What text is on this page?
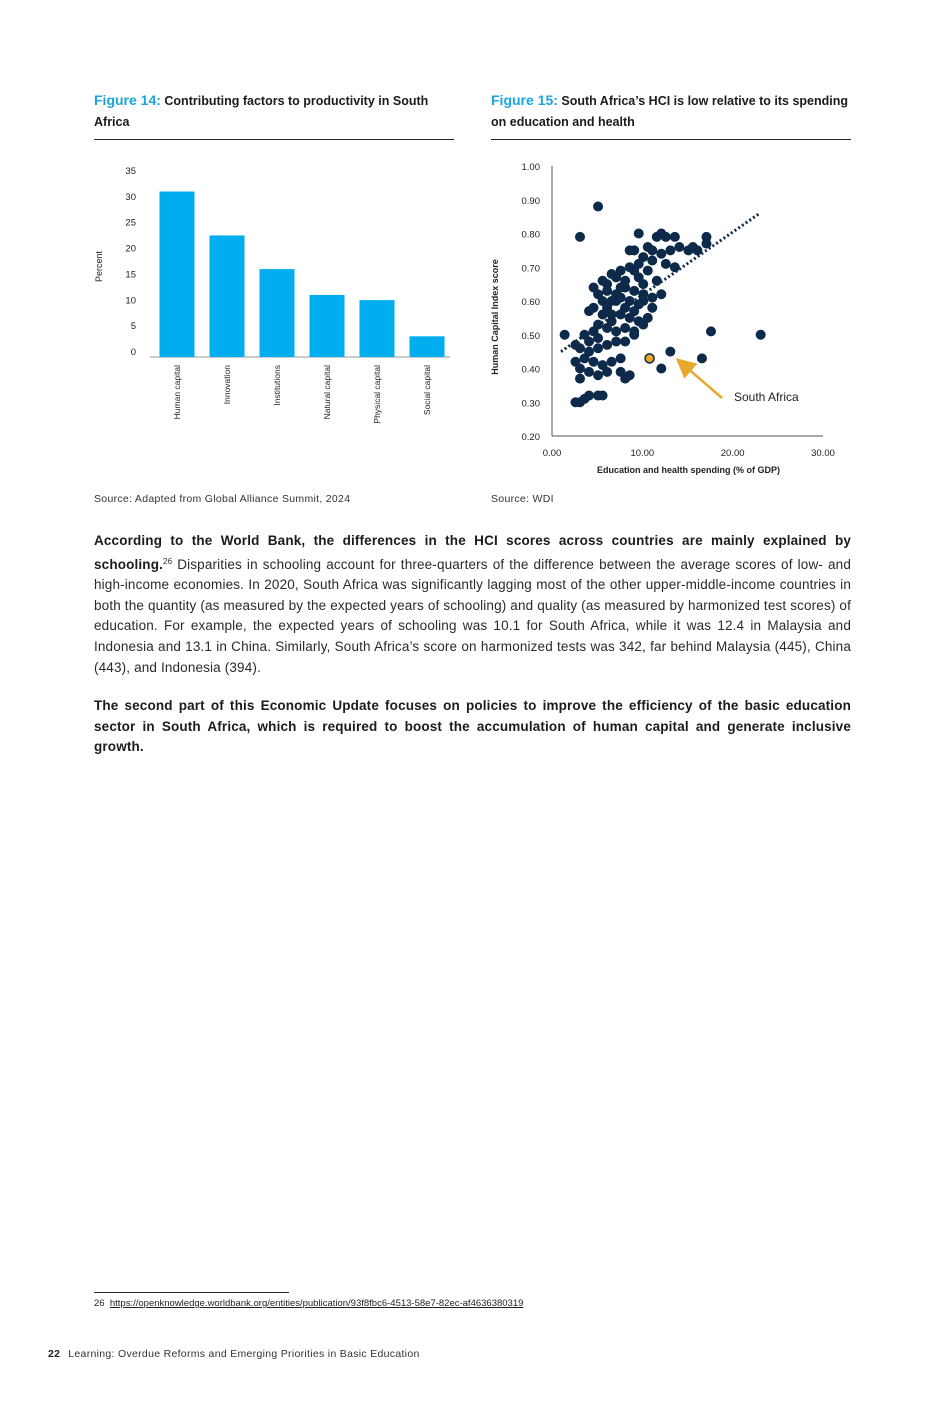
Figure 14: Contributing factors to productivity in South Africa
Figure 15: South Africa’s HCI is low relative to its spending on education and health
Percent
35
30
25
20
15
10
5
0
Human capital	Innovation	Institutions	Natural capital	Physical capital	Social capital
1.00
0.90
0.80
0.70
0.60
0.50
0.40
0.30
0.20
0.00	10.00	20.00	30.00
Education and health spending (% of GDP)
Human Capital Index score
South Africa
Source: Adapted from Global Alliance Summit, 2024	Source: WDI
According to the World Bank, the differences in the HCI scores across countries are mainly explained by schooling.$^{26}$ Disparities in schooling account for three-quarters of the difference between the average scores of low- and high-income economies. In 2020, South Africa was significantly lagging most of the other upper-middle-income countries in both the quantity (as measured by the expected years of schooling) and quality (as measured by harmonized test scores) of education. For example, the expected years of schooling was 10.1 for South Africa, while it was 12.4 in Malaysia and Indonesia and 13.1 in China. Similarly, South Africa’s score on harmonized tests was 342, far behind Malaysia (445), China (443), and Indonesia (394).
The second part of this Economic Update focuses on policies to improve the efficiency of the basic education sector in South Africa, which is required to boost the accumulation of human capital and generate inclusive growth.
26 https://openknowledge.worldbank.org/entities/publication/93f8fbc6-4513-58e7-82ec-af4636380319
22 Learning: Overdue Reforms and Emerging Priorities in Basic Education
